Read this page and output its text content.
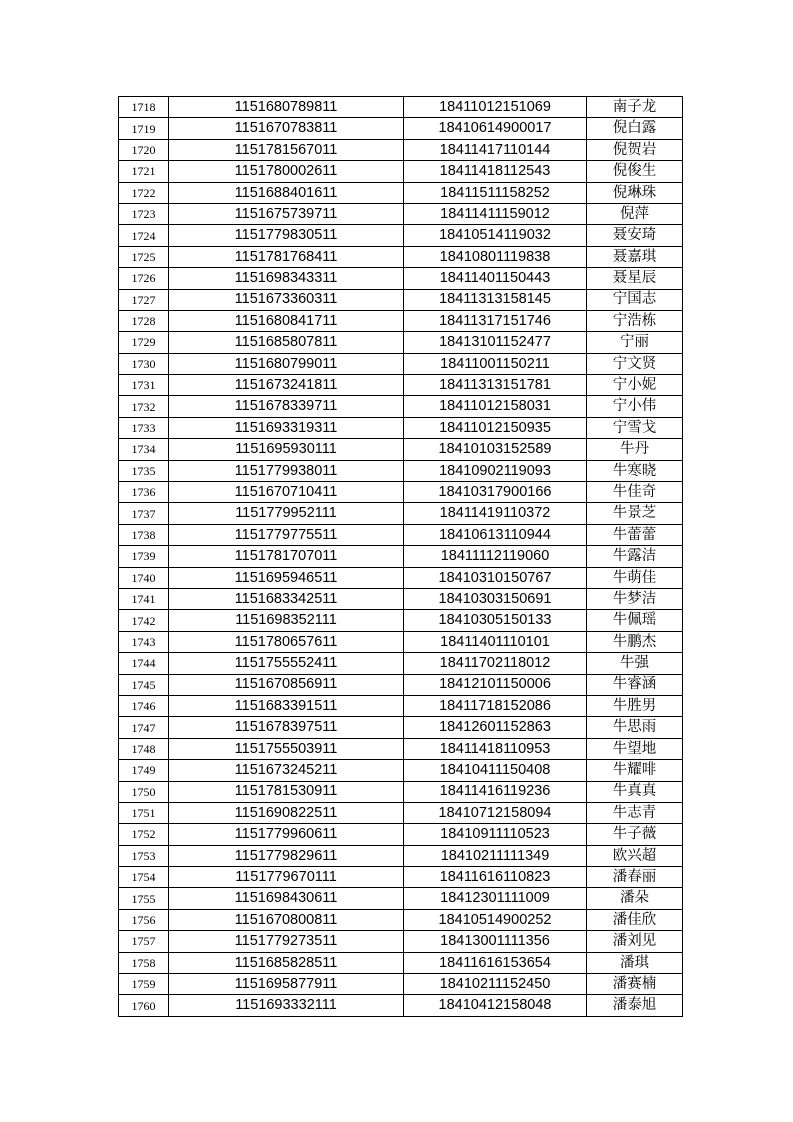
1718	1151680789811	18411012151069	南子龙
1719	1151670783811	18410614900017	倪白露
1720	1151781567011	18411417110144	倪贺岩
1721	1151780002611	18411418112543	倪俊生
1722	1151688401611	18411511158252	倪琳珠
1723	1151675739711	18411411159012	倪萍
1724	1151779830511	18410514119032	聂安琦
1725	1151781768411	18410801119838	聂嘉琪
1726	1151698343311	18411401150443	聂星辰
1727	1151673360311	18411313158145	宁国志
1728	1151680841711	18411317151746	宁浩栋
1729	1151685807811	18413101152477	宁丽
1730	1151680799011	18411001150211	宁文贤
1731	1151673241811	18411313151781	宁小妮
1732	1151678339711	18411012158031	宁小伟
1733	1151693319311	18411012150935	宁雪戈
1734	1151695930111	18410103152589	牛丹
1735	1151779938011	18410902119093	牛寒晓
1736	1151670710411	18410317900166	牛佳奇
1737	1151779952111	18411419110372	牛景芝
1738	1151779775511	18410613110944	牛蕾蕾
1739	1151781707011	18411112119060	牛露洁
1740	1151695946511	18410310150767	牛萌佳
1741	1151683342511	18410303150691	牛梦洁
1742	1151698352111	18410305150133	牛佩瑶
1743	1151780657611	18411401110101	牛鹏杰
1744	1151755552411	18411702118012	牛强
1745	1151670856911	18412101150006	牛睿涵
1746	1151683391511	18411718152086	牛胜男
1747	1151678397511	18412601152863	牛思雨
1748	1151755503911	18411418110953	牛望地
1749	1151673245211	18410411150408	牛耀啡
1750	1151781530911	18411416119236	牛真真
1751	1151690822511	18410712158094	牛志青
1752	1151779960611	18410911110523	牛子薇
1753	1151779829611	18410211111349	欧兴超
1754	1151779670111	18411616110823	潘春丽
1755	1151698430611	18412301111009	潘朵
1756	1151670800811	18410514900252	潘佳欣
1757	1151779273511	18413001111356	潘刘见
1758	1151685828511	18411616153654	潘琪
1759	1151695877911	18410211152450	潘赛楠
1760	1151693332111	18410412158048	潘泰旭
